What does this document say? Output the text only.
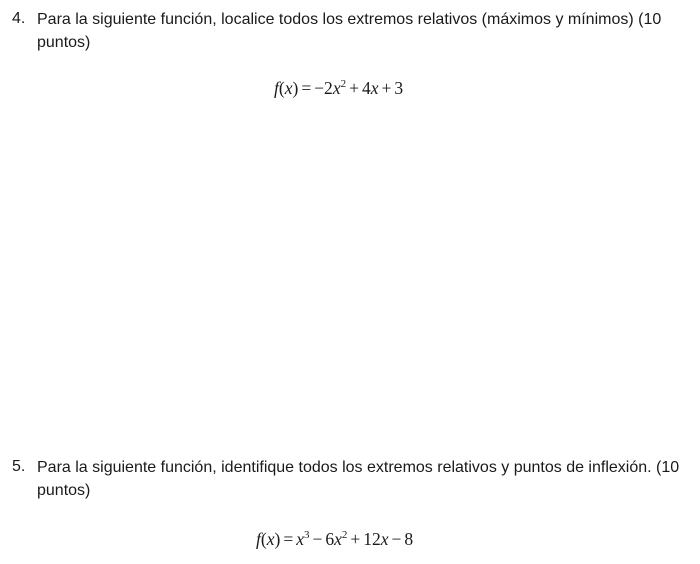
4. Para la siguiente función, localice todos los extremos relativos (máximos y mínimos) (10 puntos)
$f(x) = -2x^2 + 4x + 3$
5. Para la siguiente función, identifique todos los extremos relativos y puntos de inflexión. (10 puntos)
$f(x) = x^3 - 6x^2 + 12x - 8$
